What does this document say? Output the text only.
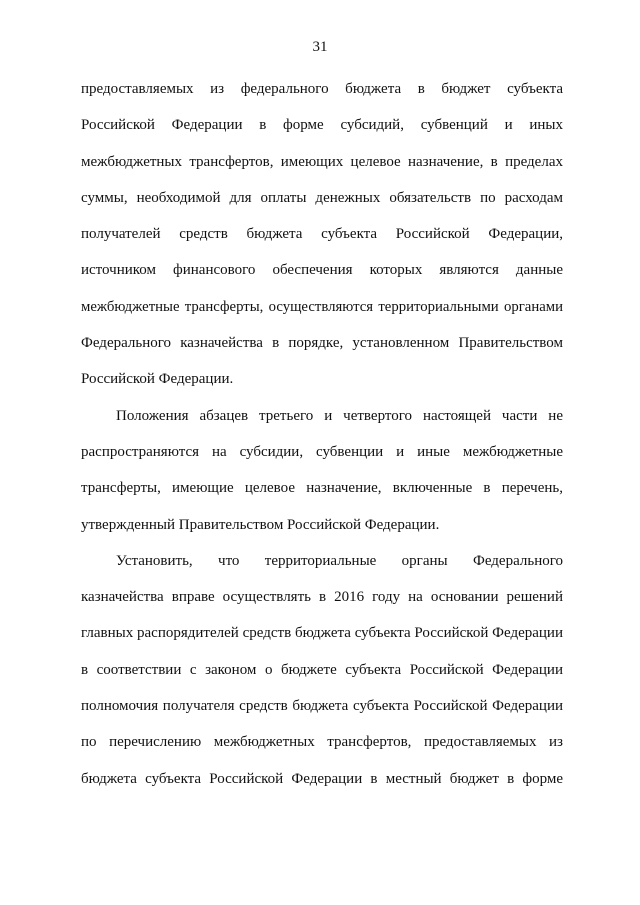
31
предоставляемых из федерального бюджета в бюджет субъекта
Российской Федерации в форме субсидий, субвенций и иных
межбюджетных трансфертов, имеющих целевое назначение, в пределах
суммы, необходимой для оплаты денежных обязательств по расходам
получателей средств бюджета субъекта Российской Федерации,
источником финансового обеспечения которых являются данные
межбюджетные трансферты, осуществляются территориальными органами
Федерального казначейства в порядке, установленном Правительством
Российской Федерации.
Положения абзацев третьего и четвертого настоящей части не
распространяются на субсидии, субвенции и иные межбюджетные
трансферты, имеющие целевое назначение, включенные в перечень,
утвержденный Правительством Российской Федерации.
Установить, что территориальные органы Федерального
казначейства вправе осуществлять в 2016 году на основании решений
главных распорядителей средств бюджета субъекта Российской Федерации
в соответствии с законом о бюджете субъекта Российской Федерации
полномочия получателя средств бюджета субъекта Российской Федерации
по перечислению межбюджетных трансфертов, предоставляемых из
бюджета субъекта Российской Федерации в местный бюджет в форме
